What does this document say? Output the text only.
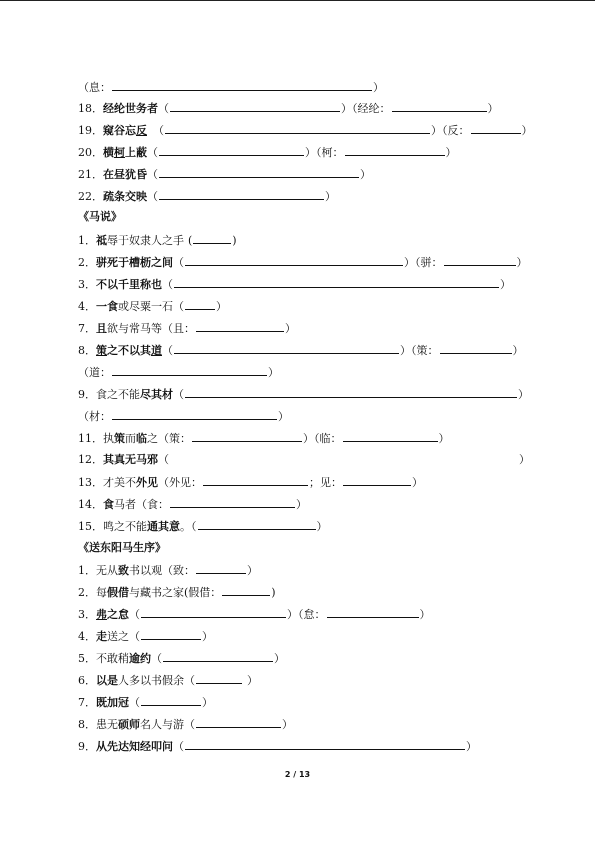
（息：	）
18．经纶世务者（	）（经纶：	）
19．窥谷忘反 （	）（反：	）
20．横柯上蔽（	）（柯：	）
21．在昼犹昏（	）
22．疏条交映（	）
《马说》
1．祗辱于奴隶人之手 (	)
2．骈死于槽枥之间（	）（骈：	）
3．不以千里称也（	）
4．一食或尽粟一石（	）
7．且欲与常马等（且：	）
8．策之不以其道（	）（策：	）
（道：	）
9．食之不能尽其材（	）
（材：	）
11．执策而临之（策：	）（临：	）
12．其真无马邪（	）
13．才美不外见（外见：	；见：	）
14．食马者（食：	）
15．鸣之不能通其意。（	）
《送东阳马生序》
1．无从致书以观（致：	）
2．每假借与藏书之家(假借：	)
3．弗之怠（	）（怠：	）
4．走送之（	）
5．不敢稍逾约（	）
6．以是人多以书假余（	）
7．既加冠（	）
8．患无硕师名人与游（	）
9．从先达知经叩问（	）
2 / 13
